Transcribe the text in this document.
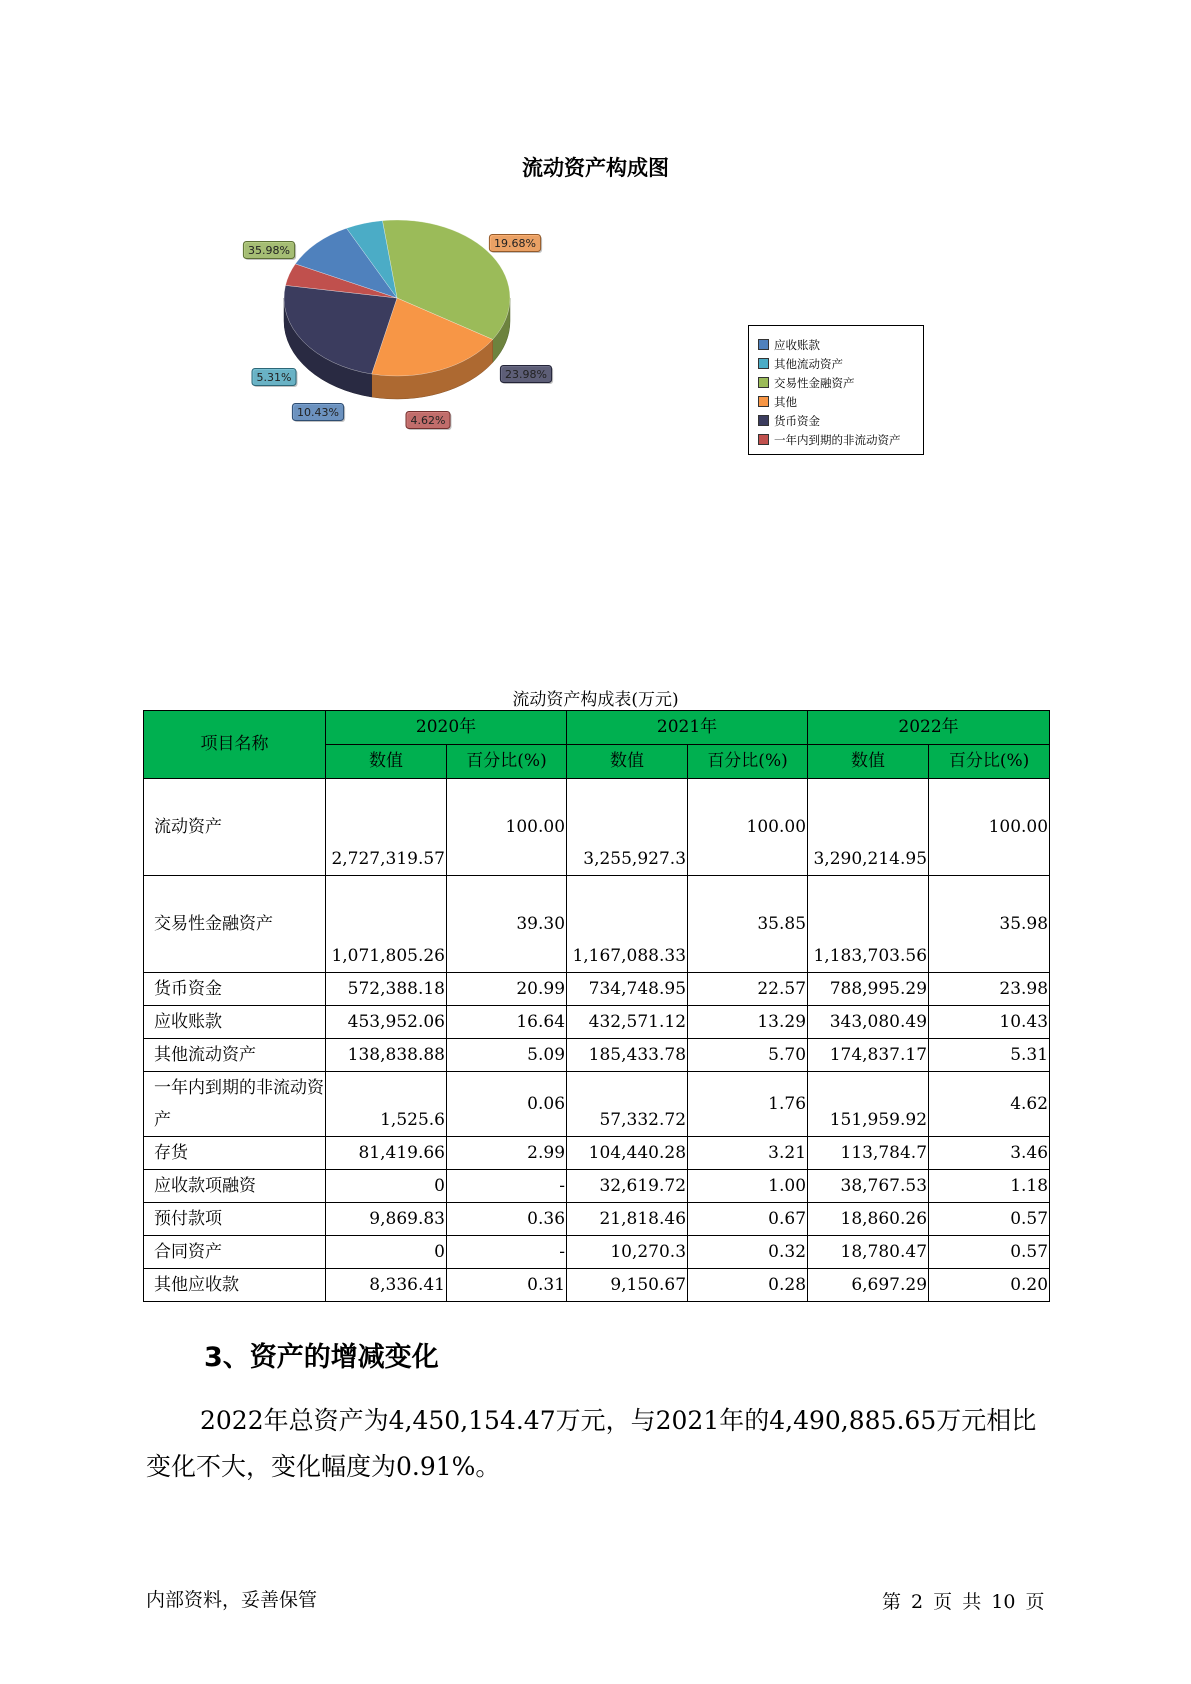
流动资产构成图
10.43%
5.31%
35.98%
19.68%
23.98%
4.62%
应收账款
其他流动资产
交易性金融资产
其他
货币资金
一年内到期的非流动资产
流动资产构成表(万元)
项目名称	2020年		2021年		2022年	
	数值	百分比(%)	数值	百分比(%)	数值	百分比(%)
流动资产	2,727,319.57	100.00	3,255,927.3	100.00	3,290,214.95	100.00
交易性金融资产	1,071,805.26	39.30	1,167,088.33	35.85	1,183,703.56	35.98
货币资金	572,388.18	20.99	734,748.95	22.57	788,995.29	23.98
应收账款	453,952.06	16.64	432,571.12	13.29	343,080.49	10.43
其他流动资产	138,838.88	5.09	185,433.78	5.70	174,837.17	5.31
一年内到期的非流动资产	1,525.6	0.06	57,332.72	1.76	151,959.92	4.62
存货	81,419.66	2.99	104,440.28	3.21	113,784.7	3.46
应收款项融资	0	-	32,619.72	1.00	38,767.53	1.18
预付款项	9,869.83	0.36	21,818.46	0.67	18,860.26	0.57
合同资产	0	-	10,270.3	0.32	18,780.47	0.57
其他应收款	8,336.41	0.31	9,150.67	0.28	6,697.29	0.20
3、资产的增减变化
2022年总资产为4,450,154.47万元，与2021年的4,490,885.65万元相比变化不大，变化幅度为0.91%。
内部资料，妥善保管	第 2 页 共 10 页
